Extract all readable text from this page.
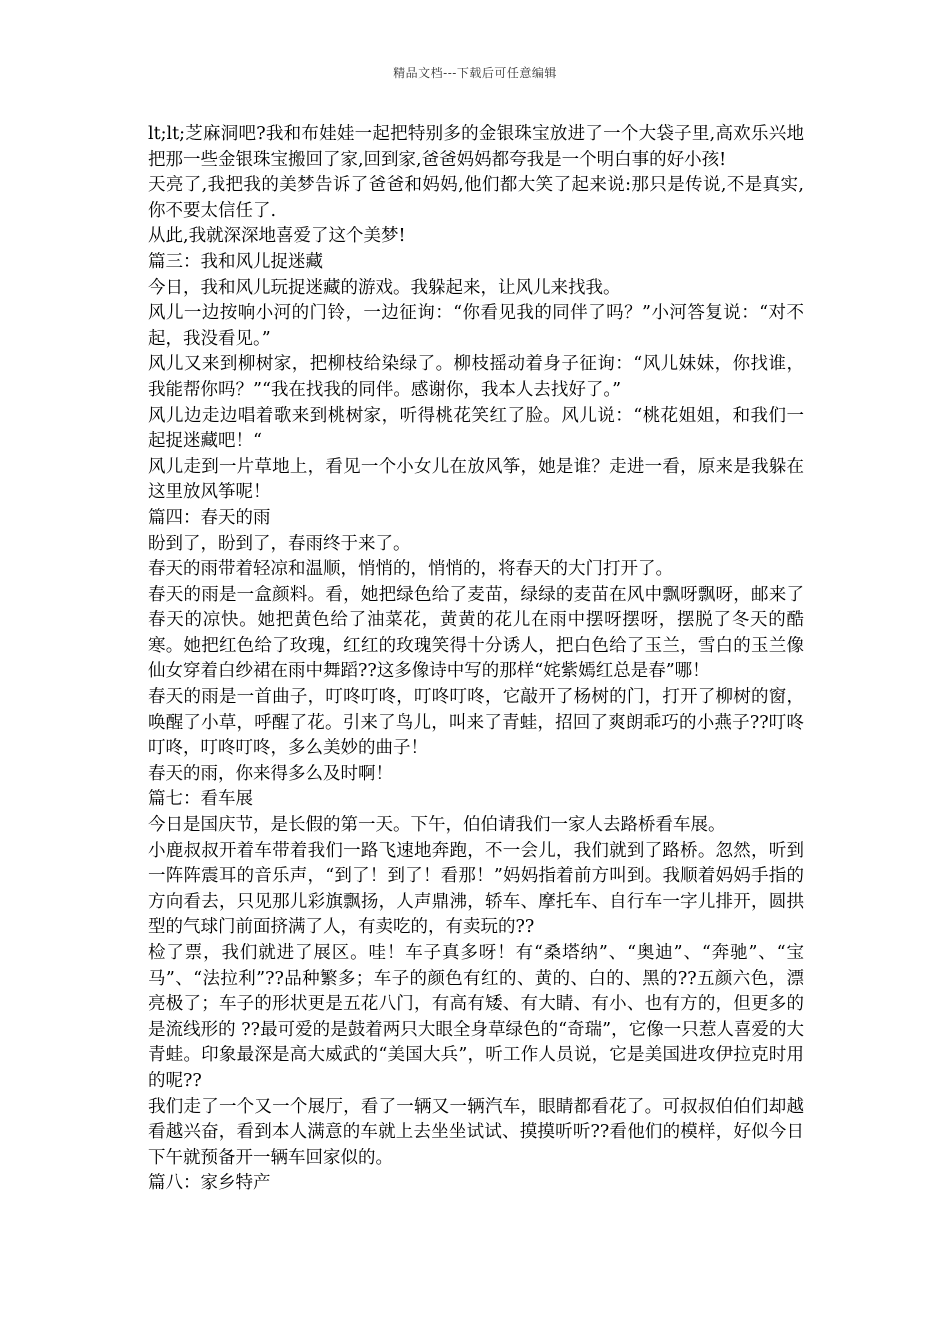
精品文档---下载后可任意编辑

lt;lt;芝麻洞吧?我和布娃娃一起把特别多的金银珠宝放进了一个大袋子里,高欢乐兴地把那一些金银珠宝搬回了家,回到家,爸爸妈妈都夸我是一个明白事的好小孩!

天亮了,我把我的美梦告诉了爸爸和妈妈,他们都大笑了起来说:那只是传说,不是真实,你不要太信任了.

从此,我就深深地喜爱了这个美梦!

篇三：我和风儿捉迷藏

今日，我和风儿玩捉迷藏的游戏。我躲起来，让风儿来找我。

风儿一边按响小河的门铃，一边征询：“你看见我的同伴了吗？”小河答复说：“对不起，我没看见。”

风儿又来到柳树家，把柳枝给染绿了。柳枝摇动着身子征询：“风儿妹妹，你找谁，我能帮你吗？”“我在找我的同伴。感谢你，我本人去找好了。”

风儿边走边唱着歌来到桃树家，听得桃花笑红了脸。风儿说：“桃花姐姐，和我们一起捉迷藏吧！“

风儿走到一片草地上，看见一个小女儿在放风筝，她是谁？走进一看，原来是我躲在这里放风筝呢！

篇四：春天的雨

盼到了，盼到了，春雨终于来了。

春天的雨带着轻凉和温顺，悄悄的，悄悄的，将春天的大门打开了。

春天的雨是一盒颜料。看，她把绿色给了麦苗，绿绿的麦苗在风中飘呀飘呀，邮来了春天的凉快。她把黄色给了油菜花，黄黄的花儿在雨中摆呀摆呀，摆脱了冬天的酷寒。她把红色给了玫瑰，红红的玫瑰笑得十分诱人，把白色给了玉兰，雪白的玉兰像仙女穿着白纱裙在雨中舞蹈??这多像诗中写的那样“姹紫嫣红总是春”哪！

春天的雨是一首曲子，叮咚叮咚，叮咚叮咚，它敲开了杨树的门，打开了柳树的窗，唤醒了小草，呼醒了花。引来了鸟儿，叫来了青蛙，招回了爽朗乖巧的小燕子??叮咚叮咚，叮咚叮咚，多么美妙的曲子！

春天的雨，你来得多么及时啊！

篇七：看车展

今日是国庆节，是长假的第一天。下午，伯伯请我们一家人去路桥看车展。

小鹿叔叔开着车带着我们一路飞速地奔跑，不一会儿，我们就到了路桥。忽然，听到一阵阵震耳的音乐声，“到了！到了！看那！”妈妈指着前方叫到。我顺着妈妈手指的方向看去，只见那儿彩旗飘扬，人声鼎沸，轿车、摩托车、自行车一字儿排开，圆拱型的气球门前面挤满了人，有卖吃的，有卖玩的??

检了票，我们就进了展区。哇！车子真多呀！有“桑塔纳”、“奥迪”、“奔驰”、“宝马”、“法拉利”??品种繁多；车子的颜色有红的、黄的、白的、黑的??五颜六色，漂亮极了；车子的形状更是五花八门，有高有矮、有大睛、有小、也有方的，但更多的是流线形的 ??最可爱的是鼓着两只大眼全身草绿色的“奇瑞”，它像一只惹人喜爱的大青蛙。印象最深是高大威武的“美国大兵”，听工作人员说，它是美国进攻伊拉克时用的呢??

我们走了一个又一个展厅，看了一辆又一辆汽车，眼睛都看花了。可叔叔伯伯们却越看越兴奋，看到本人满意的车就上去坐坐试试、摸摸听听??看他们的模样，好似今日下午就预备开一辆车回家似的。

篇八：家乡特产
